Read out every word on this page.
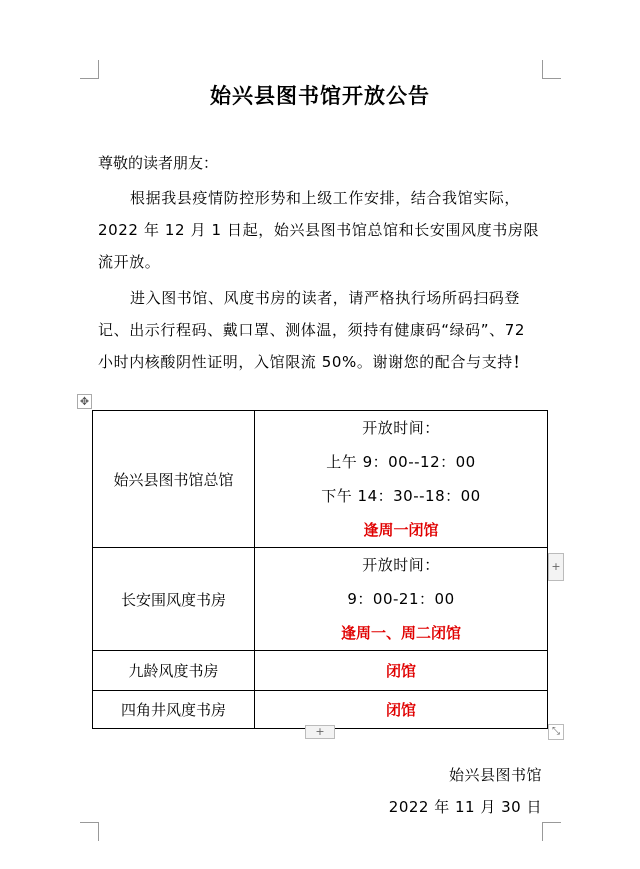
始兴县图书馆开放公告

尊敬的读者朋友：

根据我县疫情防控形势和上级工作安排，结合我馆实际，2022 年 12 月 1 日起，始兴县图书馆总馆和长安围风度书房限流开放。

进入图书馆、风度书房的读者，请严格执行场所码扫码登记、出示行程码、戴口罩、测体温，须持有健康码“绿码”、72 小时内核酸阴性证明，入馆限流 50%。谢谢您的配合与支持！

✥
始兴县图书馆总馆	开放时间：
上午 9：00--12：00
下午 14：30--18：00
逢周一闭馆

长安围风度书房	开放时间：
9：00-21：00
逢周一、周二闭馆

九龄风度书房	闭馆

四角井风度书房	闭馆
+
+	⤡
始兴县图书馆
2022 年 11 月 30 日
